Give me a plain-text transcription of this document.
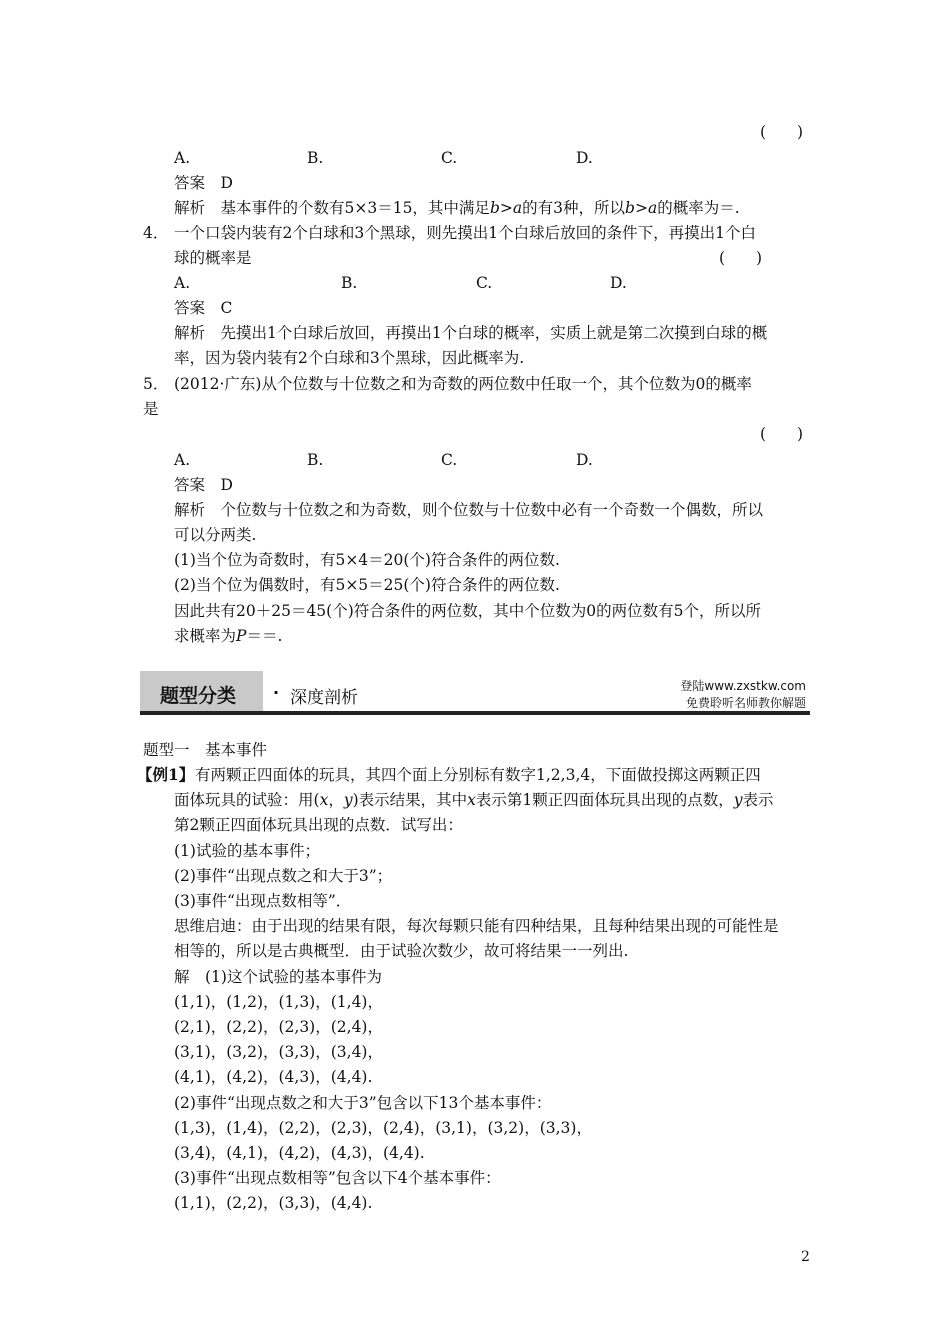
(　　)
A.	B.	C.	D.
答案　D
解析　基本事件的个数有5×3＝15，其中满足b>a的有3种，所以b>a的概率为＝.
4． 一个口袋内装有2个白球和3个黑球，则先摸出1个白球后放回的条件下，再摸出1个白
球的概率是	(　　)
A.	B.	C.	D.
答案　C
解析　先摸出1个白球后放回，再摸出1个白球的概率，实质上就是第二次摸到白球的概
率，因为袋内装有2个白球和3个黑球，因此概率为.
5． (2012·广东)从个位数与十位数之和为奇数的两位数中任取一个，其个位数为0的概率
是
(　　)
A.	B.	C.	D.
答案　D
解析　个位数与十位数之和为奇数，则个位数与十位数中必有一个奇数一个偶数，所以
可以分两类.
(1)当个位为奇数时，有5×4＝20(个)符合条件的两位数.
(2)当个位为偶数时，有5×5＝25(个)符合条件的两位数.
因此共有20＋25＝45(个)符合条件的两位数，其中个位数为0的两位数有5个，所以所
求概率为P＝＝.
题型分类 · 深度剖析
登陆www.zxstkw.com
免费聆听名师教你解题
题型一　基本事件
【例1】 有两颗正四面体的玩具，其四个面上分别标有数字1,2,3,4，下面做投掷这两颗正四
面体玩具的试验：用(x，y)表示结果，其中x表示第1颗正四面体玩具出现的点数，y表示
第2颗正四面体玩具出现的点数．试写出：
(1)试验的基本事件；
(2)事件“出现点数之和大于3”；
(3)事件“出现点数相等”．
思维启迪：由于出现的结果有限，每次每颗只能有四种结果，且每种结果出现的可能性是
相等的，所以是古典概型．由于试验次数少，故可将结果一一列出.
解　(1)这个试验的基本事件为
(1,1)，(1,2)，(1,3)，(1,4)，
(2,1)，(2,2)，(2,3)，(2,4)，
(3,1)，(3,2)，(3,3)，(3,4)，
(4,1)，(4,2)，(4,3)，(4,4).
(2)事件“出现点数之和大于3”包含以下13个基本事件：
(1,3)，(1,4)，(2,2)，(2,3)，(2,4)，(3,1)，(3,2)，(3,3)，
(3,4)，(4,1)，(4,2)，(4,3)，(4,4).
(3)事件“出现点数相等”包含以下4个基本事件：
(1,1)，(2,2)，(3,3)，(4,4).
2
